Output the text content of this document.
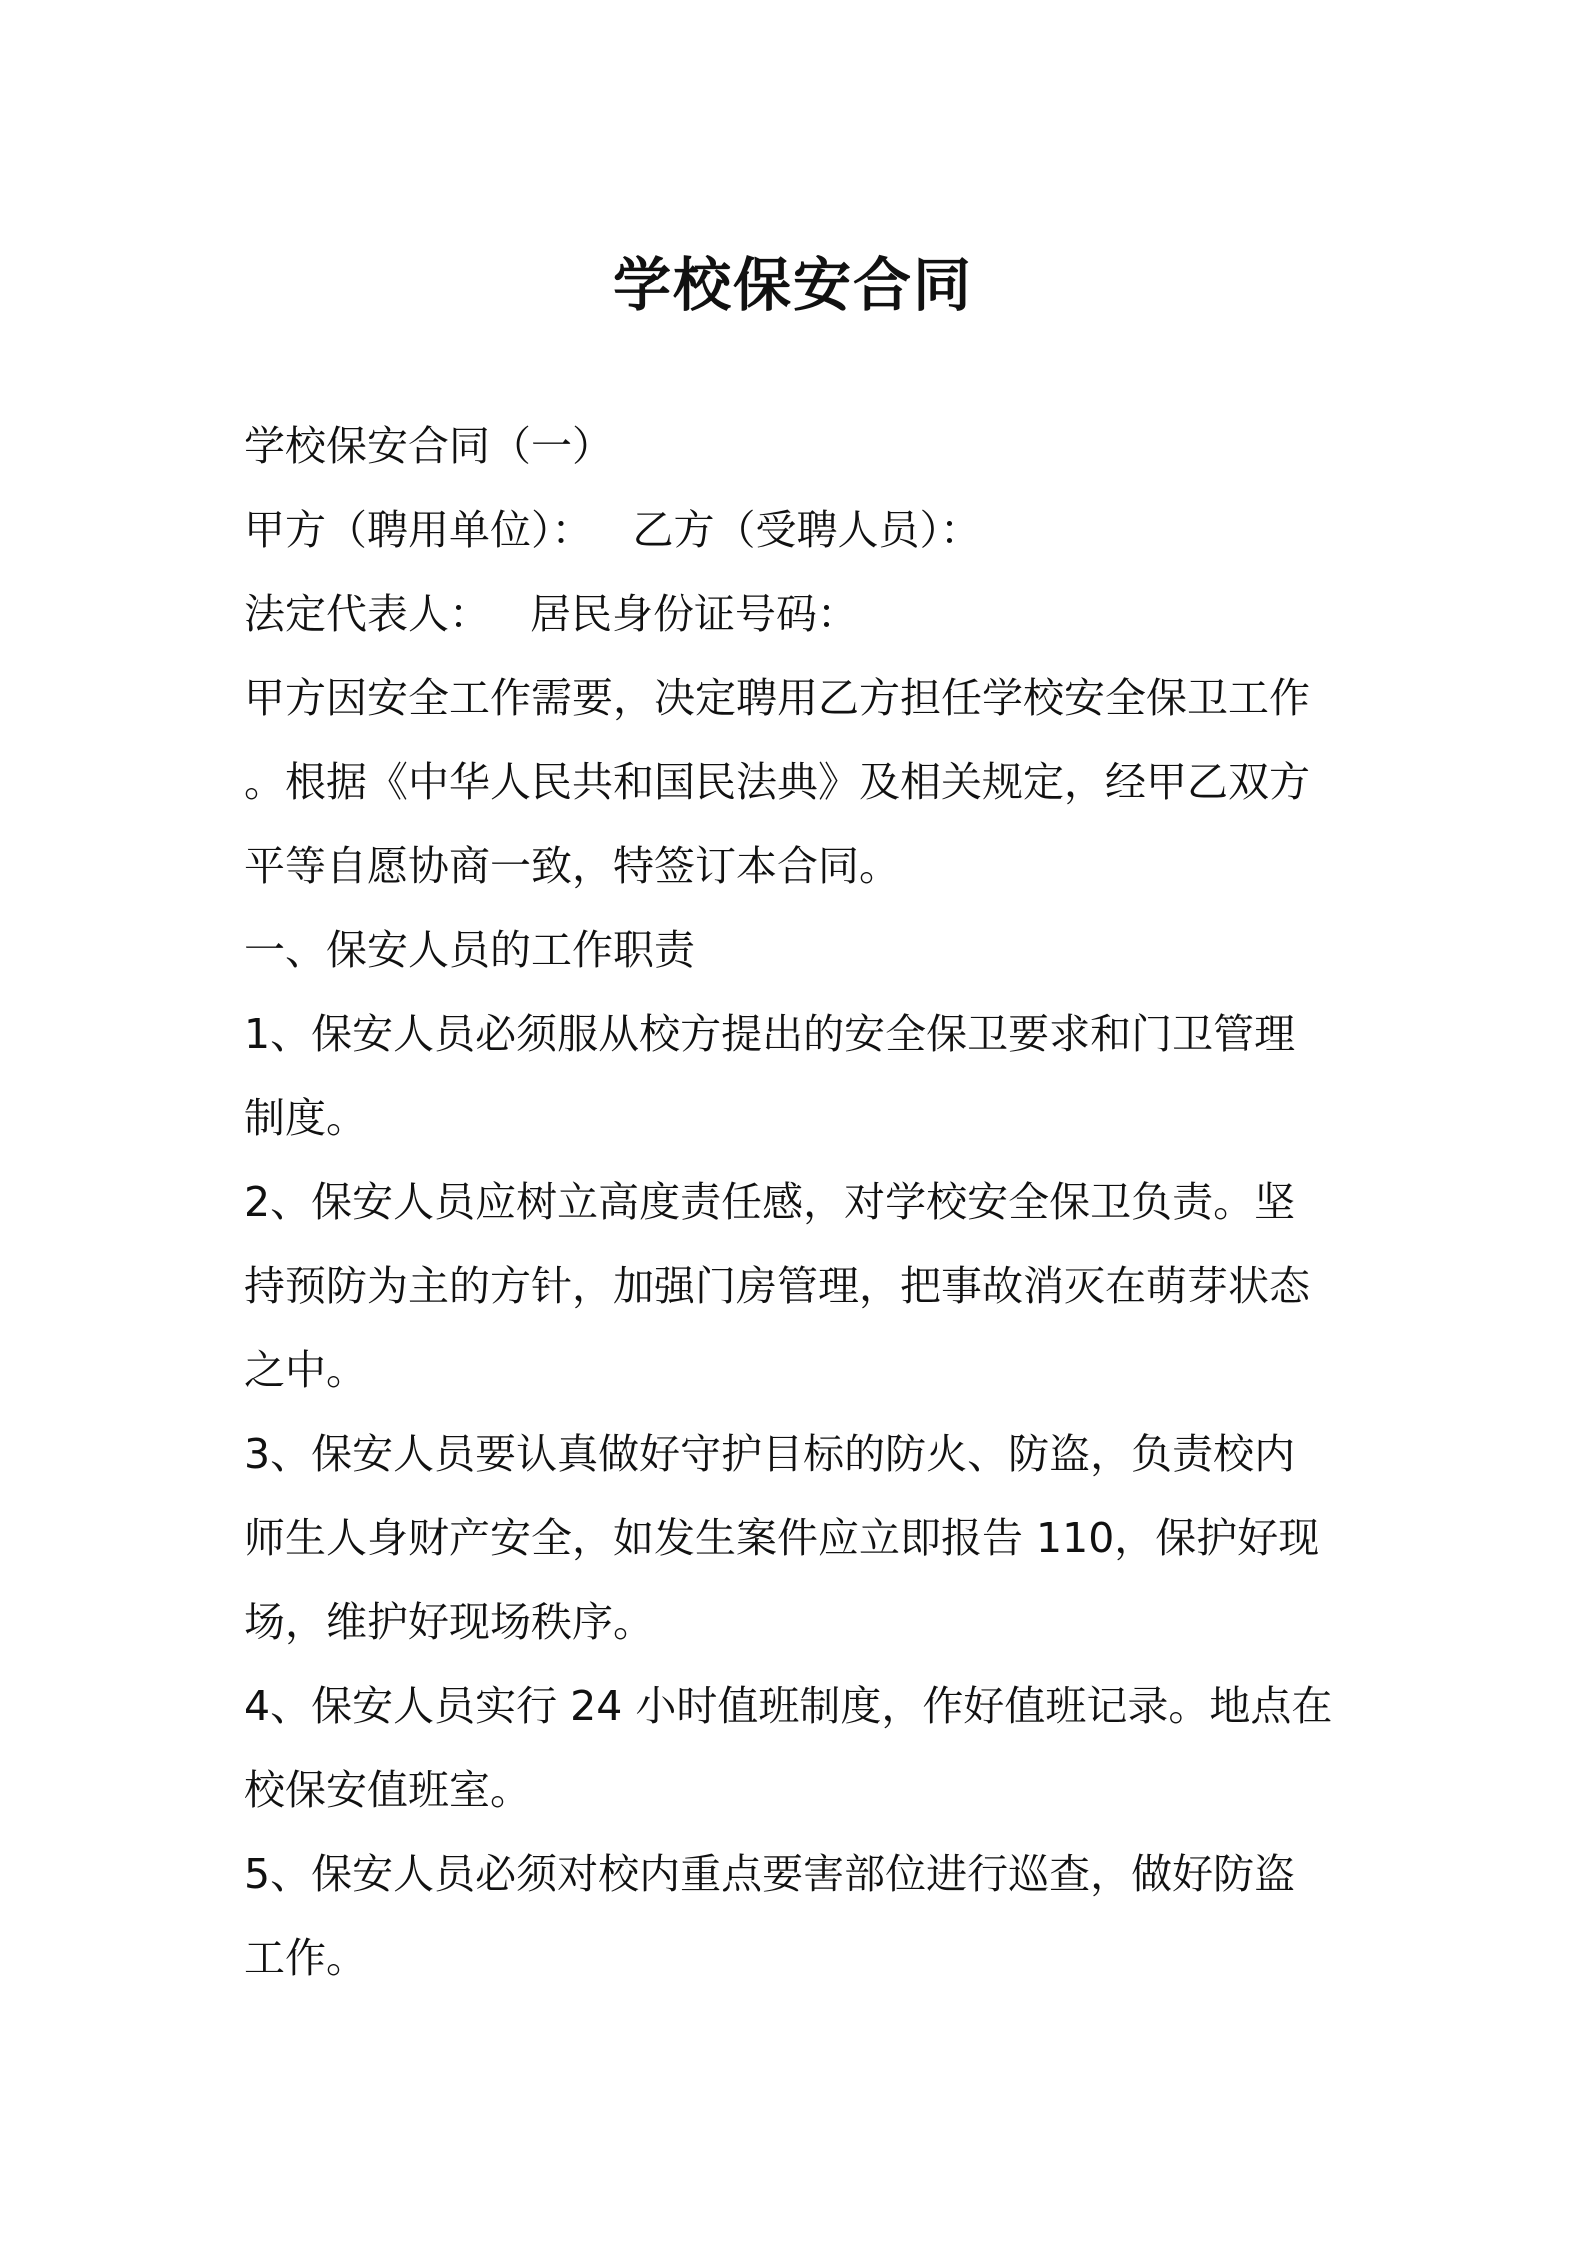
学校保安合同
学校保安合同（一）
甲方（聘用单位）： 乙方（受聘人员）：
法定代表人： 居民身份证号码：
甲方因安全工作需要，决定聘用乙方担任学校安全保卫工作
。根据《中华人民共和国民法典》及相关规定，经甲乙双方
平等自愿协商一致，特签订本合同。
一、保安人员的工作职责
1、保安人员必须服从校方提出的安全保卫要求和门卫管理
制度。
2、保安人员应树立高度责任感，对学校安全保卫负责。坚
持预防为主的方针，加强门房管理，把事故消灭在萌芽状态
之中。
3、保安人员要认真做好守护目标的防火、防盗，负责校内
师生人身财产安全，如发生案件应立即报告 110，保护好现
场，维护好现场秩序。
4、保安人员实行 24 小时值班制度，作好值班记录。地点在
校保安值班室。
5、保安人员必须对校内重点要害部位进行巡查，做好防盗
工作。
